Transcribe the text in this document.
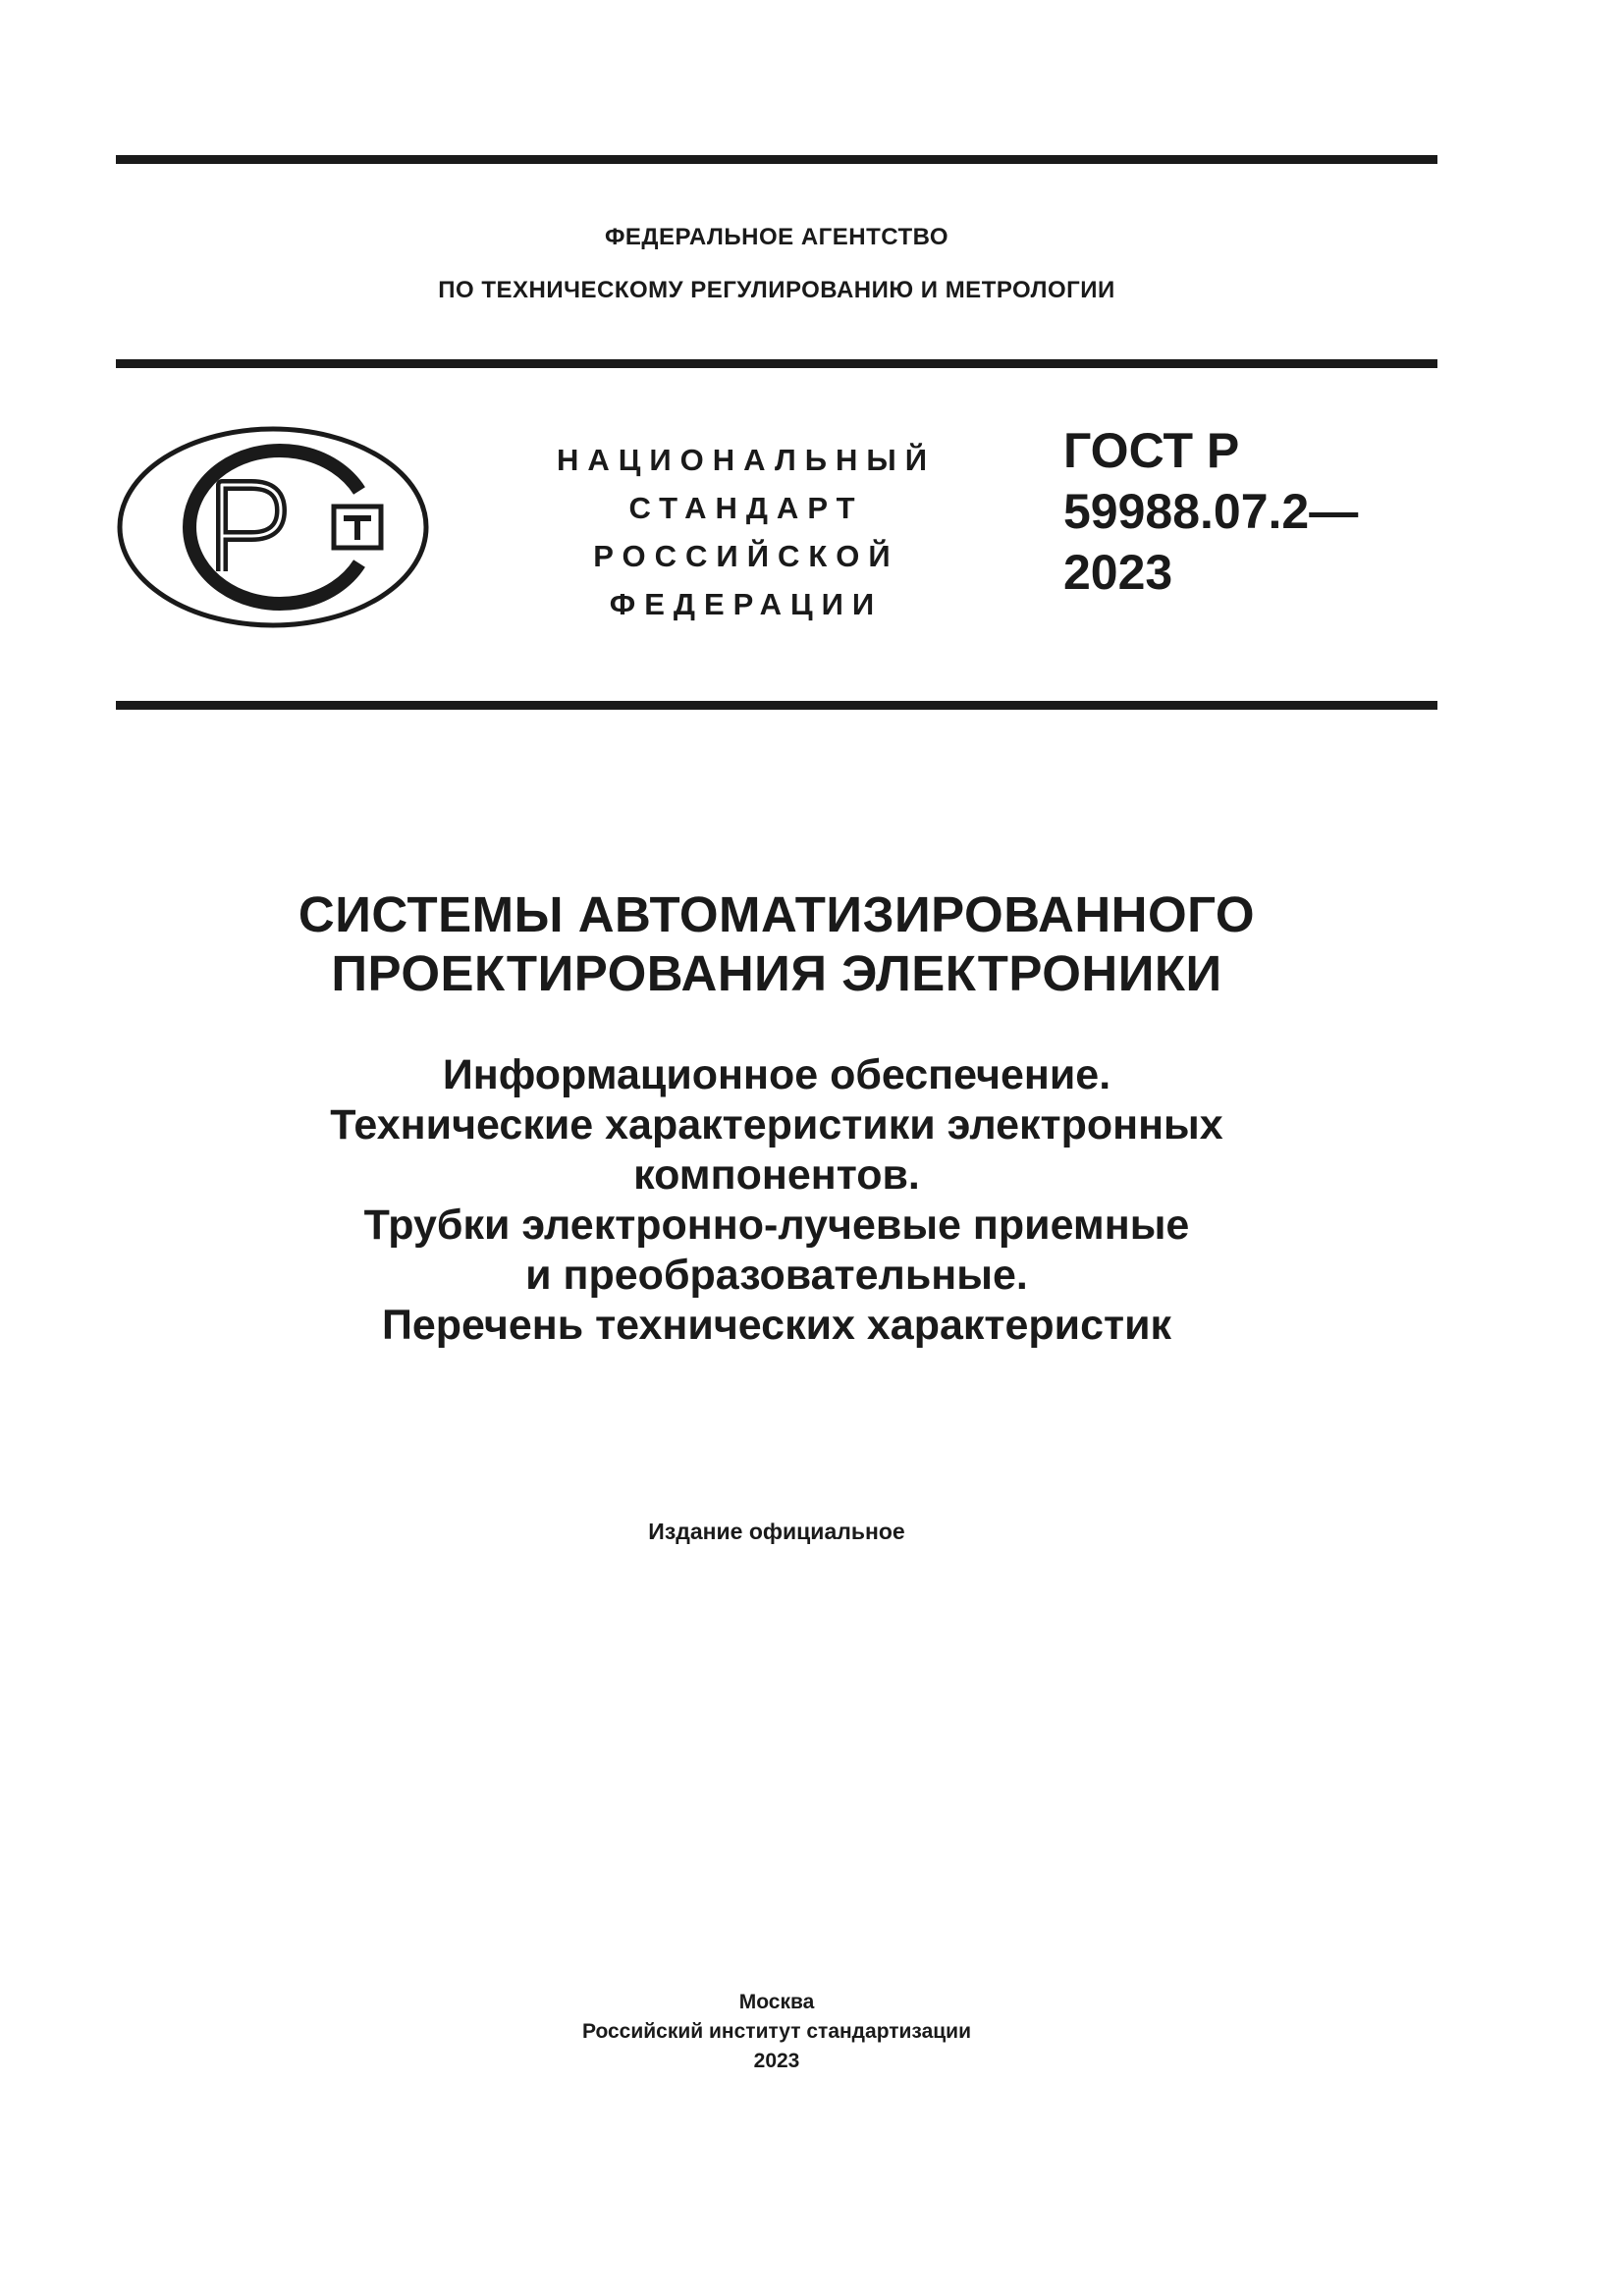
ФЕДЕРАЛЬНОЕ АГЕНТСТВО
ПО ТЕХНИЧЕСКОМУ РЕГУЛИРОВАНИЮ И МЕТРОЛОГИИ
НАЦИОНАЛЬНЫЙ
СТАНДАРТ
РОССИЙСКОЙ
ФЕДЕРАЦИИ
ГОСТ Р
59988.07.2—
2023
СИСТЕМЫ АВТОМАТИЗИРОВАННОГО
ПРОЕКТИРОВАНИЯ ЭЛЕКТРОНИКИ
Информационное обеспечение.
Технические характеристики электронных
компонентов.
Трубки электронно-лучевые приемные
и преобразовательные.
Перечень технических характеристик
Издание официальное
Москва
Российский институт стандартизации
2023
